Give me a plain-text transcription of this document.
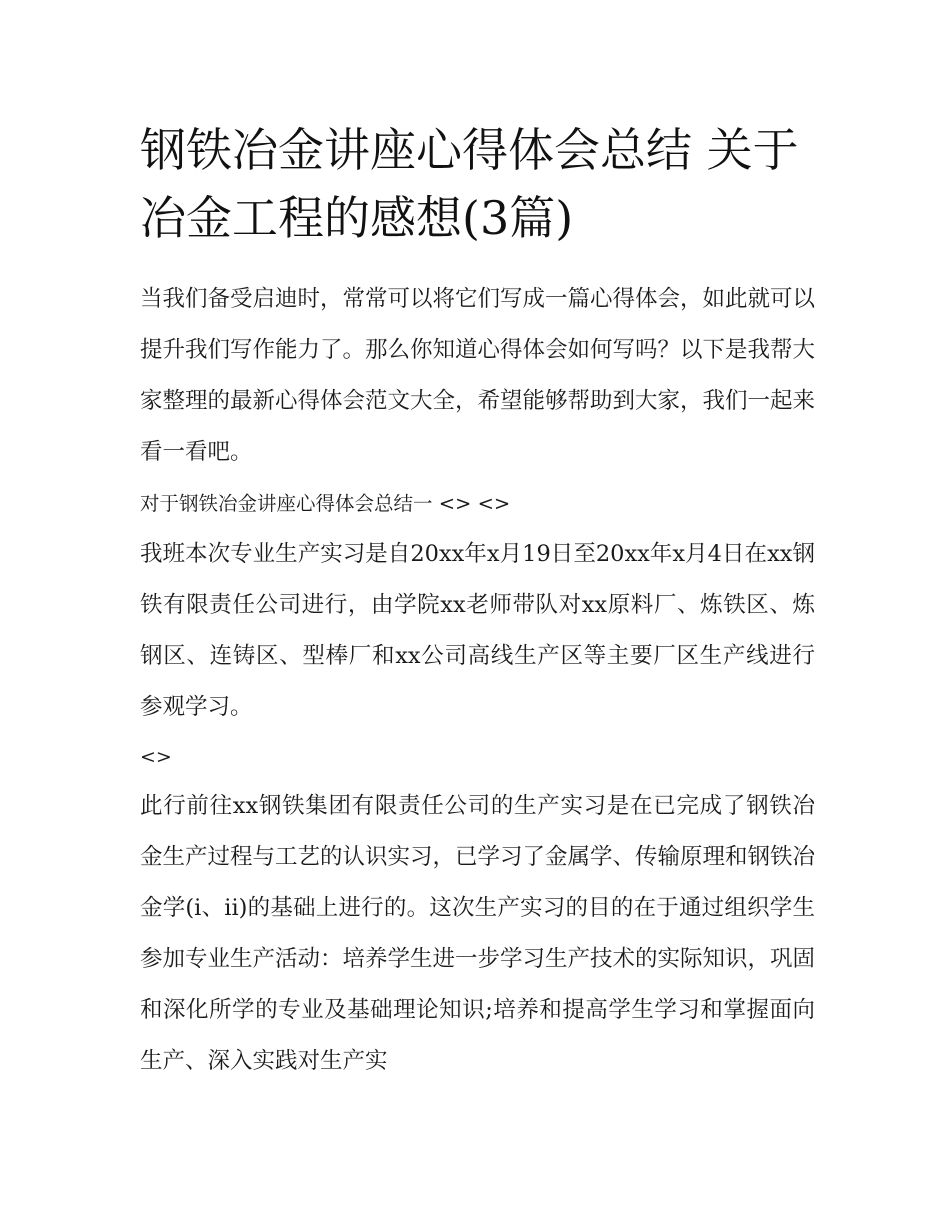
钢铁冶金讲座心得体会总结 关于冶金工程的感想(3篇)

当我们备受启迪时，常常可以将它们写成一篇心得体会，如此就可以提升我们写作能力了。那么你知道心得体会如何写吗？以下是我帮大家整理的最新心得体会范文大全，希望能够帮助到大家，我们一起来看一看吧。

对于钢铁冶金讲座心得体会总结一 <> <>

我班本次专业生产实习是自20xx年x月19日至20xx年x月4日在xx钢铁有限责任公司进行，由学院xx老师带队对xx原料厂、炼铁区、炼钢区、连铸区、型棒厂和xx公司高线生产区等主要厂区生产线进行参观学习。

<>

此行前往xx钢铁集团有限责任公司的生产实习是在已完成了钢铁冶金生产过程与工艺的认识实习，已学习了金属学、传输原理和钢铁冶金学(i、ii)的基础上进行的。这次生产实习的目的在于通过组织学生参加专业生产活动：培养学生进一步学习生产技术的实际知识，巩固和深化所学的专业及基础理论知识;培养和提高学生学习和掌握面向生产、深入实践对生产实
